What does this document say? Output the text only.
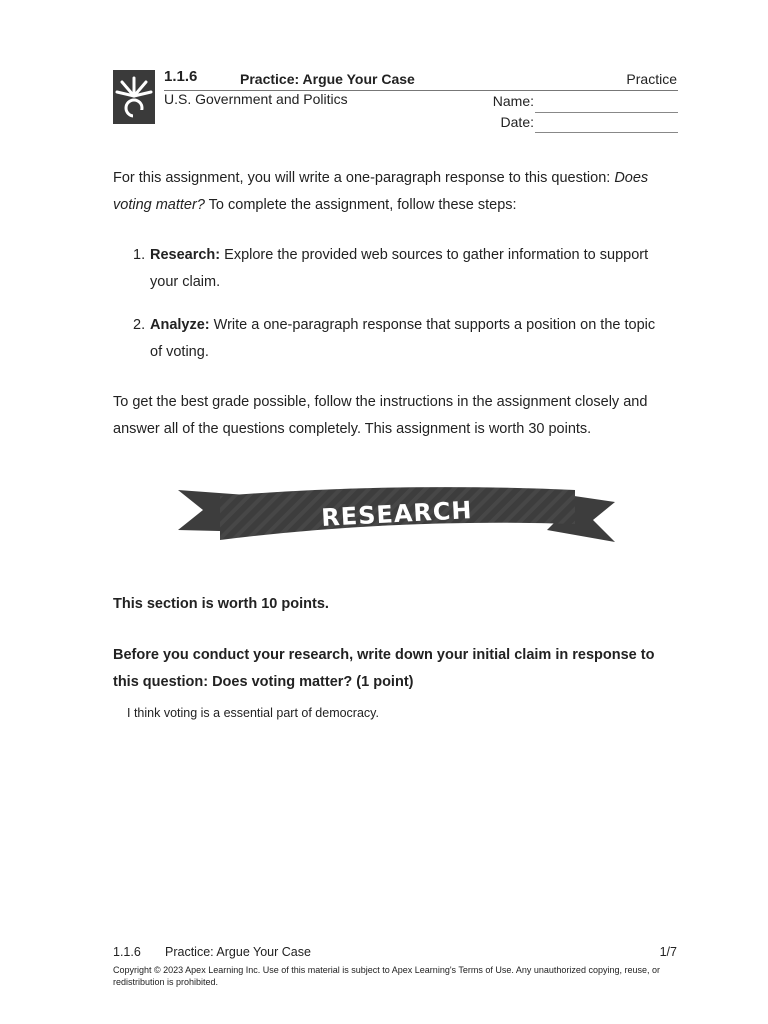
1.1.6	Practice: Argue Your Case	Practice
U.S. Government and Politics	Name:
Date:
For this assignment, you will write a one-paragraph response to this question: Does voting matter? To complete the assignment, follow these steps:
1. Research: Explore the provided web sources to gather information to support
your claim.
2. Analyze: Write a one-paragraph response that supports a position on the topic
of voting.
To get the best grade possible, follow the instructions in the assignment closely and answer all of the questions completely. This assignment is worth 30 points.
RESEARCH
This section is worth 10 points.
Before you conduct your research, write down your initial claim in response to this question: Does voting matter? (1 point)
I think voting is a essential part of democracy.
1.1.6 Practice: Argue Your Case	1/7
Copyright © 2023 Apex Learning Inc. Use of this material is subject to Apex Learning's Terms of Use. Any unauthorized copying, reuse, or redistribution is prohibited.
